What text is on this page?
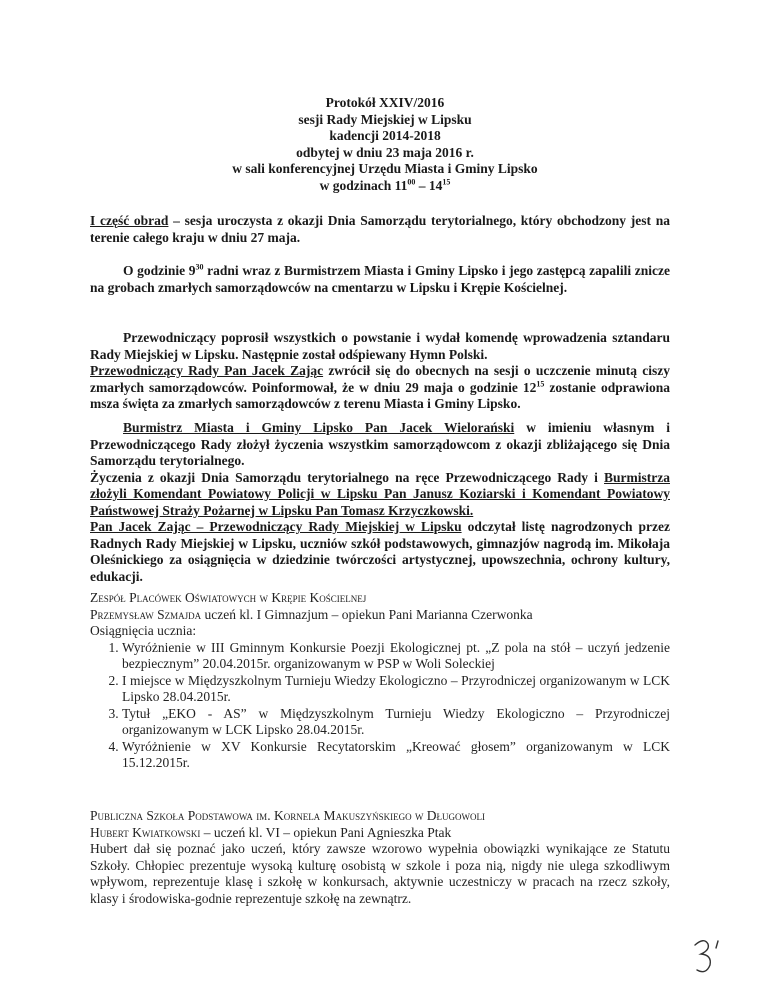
Protokół XXIV/2016
sesji Rady Miejskiej w Lipsku
kadencji 2014-2018
odbytej w dniu 23 maja 2016 r.
w sali konferencyjnej Urzędu Miasta i Gminy Lipsko
w godzinach $11^{00} - 14^{15}$
I część obrad – sesja uroczysta z okazji Dnia Samorządu terytorialnego, który obchodzony jest na terenie całego kraju w dniu 27 maja.
O godzinie $9^{30}$ radni wraz z Burmistrzem Miasta i Gminy Lipsko i jego zastępcą zapalili znicze na grobach zmarłych samorządowców na cmentarzu w Lipsku i Krępie Kościelnej.
Przewodniczący poprosił wszystkich o powstanie i wydał komendę wprowadzenia sztandaru Rady Miejskiej w Lipsku. Następnie został odśpiewany Hymn Polski.
Przewodniczący Rady Pan Jacek Zając zwrócił się do obecnych na sesji o uczczenie minutą ciszy zmarłych samorządowców. Poinformował, że w dniu 29 maja o godzinie $12^{15}$ zostanie odprawiona msza święta za zmarłych samorządowców z terenu Miasta i Gminy Lipsko.
Burmistrz Miasta i Gminy Lipsko Pan Jacek Wielorański w imieniu własnym i Przewodniczącego Rady złożył życzenia wszystkim samorządowcom z okazji zbliżającego się Dnia Samorządu terytorialnego.
Życzenia z okazji Dnia Samorządu terytorialnego na ręce Przewodniczącego Rady i Burmistrza złożyli Komendant Powiatowy Policji w Lipsku Pan Janusz Koziarski i Komendant Powiatowy Państwowej Straży Pożarnej w Lipsku Pan Tomasz Krzyczkowski.
Pan Jacek Zając – Przewodniczący Rady Miejskiej w Lipsku odczytał listę nagrodzonych przez Radnych Rady Miejskiej w Lipsku, uczniów szkół podstawowych, gimnazjów nagrodą im. Mikołaja Oleśnickiego za osiągnięcia w dziedzinie twórczości artystycznej, upowszechnia, ochrony kultury, edukacji.
Zespół Placówek Oświatowych w Krępie Kościelnej
Przemysław Szmajda uczeń kl. I Gimnazjum – opiekun Pani Marianna Czerwonka
Osiągnięcia ucznia:
1. Wyróżnienie w III Gminnym Konkursie Poezji Ekologicznej pt. „Z pola na stół – uczyń jedzenie bezpiecznym” 20.04.2015r. organizowanym w PSP w Woli Soleckiej
2. I miejsce w Międzyszkolnym Turnieju Wiedzy Ekologiczno – Przyrodniczej organizowanym w LCK Lipsko 28.04.2015r.
3. Tytuł „EKO - AS” w Międzyszkolnym Turnieju Wiedzy Ekologiczno – Przyrodniczej organizowanym w LCK Lipsko 28.04.2015r.
4. Wyróżnienie w XV Konkursie Recytatorskim „Kreować głosem” organizowanym w LCK 15.12.2015r.
Publiczna Szkoła Podstawowa im. Kornela Makuszyńskiego w Długowoli
Hubert Kwiatkowski – uczeń kl. VI – opiekun Pani Agnieszka Ptak
Hubert dał się poznać jako uczeń, który zawsze wzorowo wypełnia obowiązki wynikające ze Statutu Szkoły. Chłopiec prezentuje wysoką kulturę osobistą w szkole i poza nią, nigdy nie ulega szkodliwym wpływom, reprezentuje klasę i szkołę w konkursach, aktywnie uczestniczy w pracach na rzecz szkoły, klasy i środowiska-godnie reprezentuje szkołę na zewnątrz.
